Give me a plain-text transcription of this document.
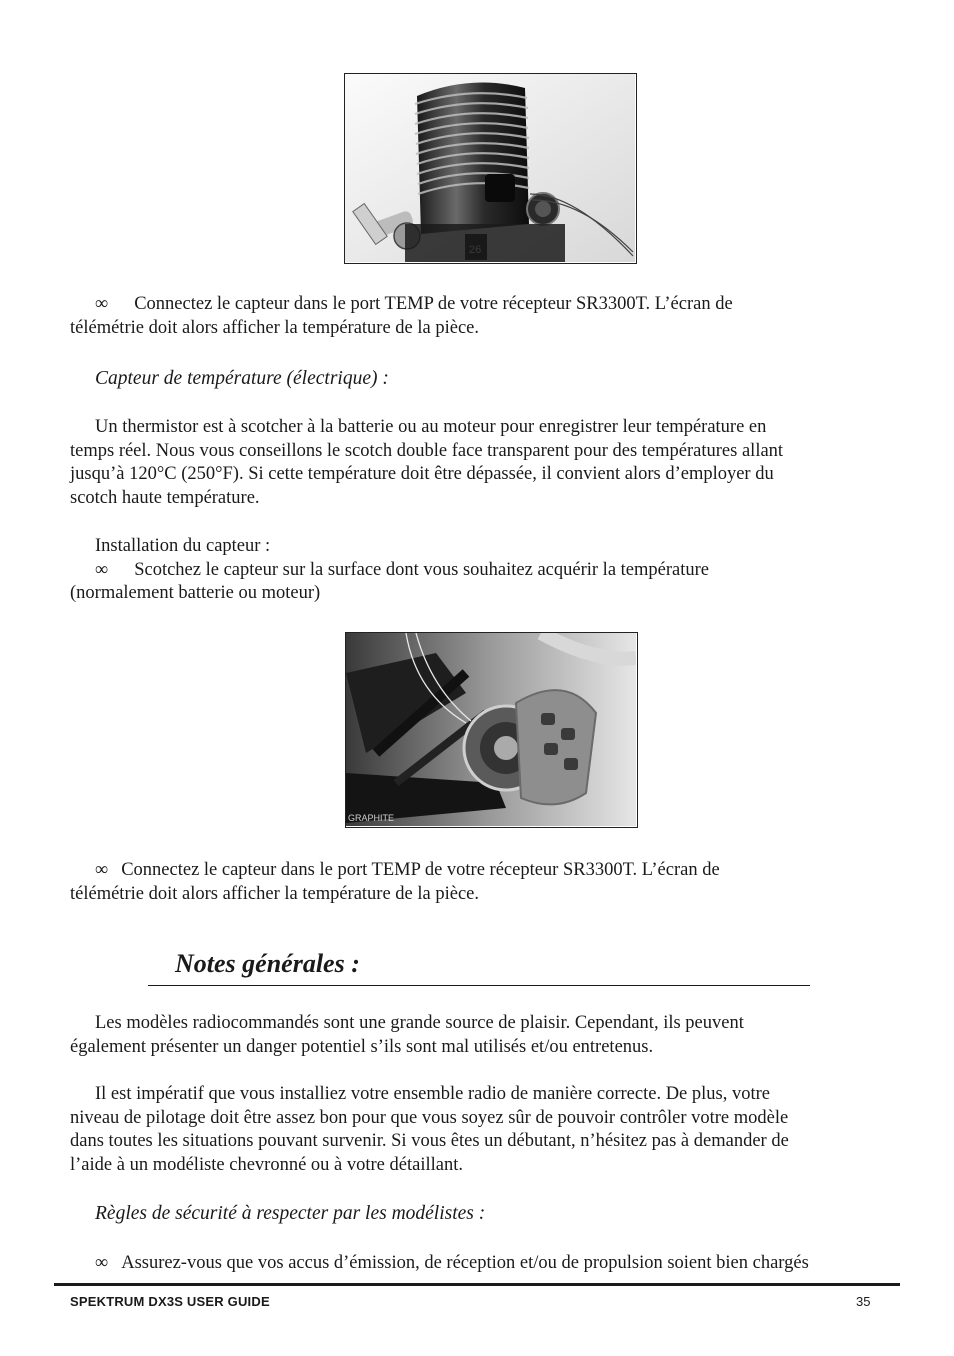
∞ Connectez le capteur dans le port TEMP de votre récepteur SR3300T. L’écran de
télémétrie doit alors afficher la température de la pièce.

Capteur de température (électrique) :

Un thermistor est à scotcher à la batterie ou au moteur pour enregistrer leur température en

temps réel. Nous vous conseillons le scotch double face transparent pour des températures allant

jusqu’à 120°C (250°F). Si cette température doit être dépassée, il convient alors d’employer du

scotch haute température.

Installation du capteur :

∞ Scotchez le capteur sur la surface dont vous souhaitez acquérir la température

(normalement batterie ou moteur)

GRAPHITE

∞ Connectez le capteur dans le port TEMP de votre récepteur SR3300T. L’écran de
télémétrie doit alors afficher la température de la pièce.

Notes générales :

Les modèles radiocommandés sont une grande source de plaisir. Cependant, ils peuvent

également présenter un danger potentiel s’ils sont mal utilisés et/ou entretenus.

Il est impératif que vous installiez votre ensemble radio de manière correcte. De plus, votre

niveau de pilotage doit être assez bon pour que vous soyez sûr de pouvoir contrôler votre modèle

dans toutes les situations pouvant survenir. Si vous êtes un débutant, n’hésitez pas à demander de

l’aide à un modéliste chevronné ou à votre détaillant.

Règles de sécurité à respecter par les modélistes :

∞ Assurez-vous que vos accus d’émission, de réception et/ou de propulsion soient bien chargés

SPEKTRUM DX3S USER GUIDE	35
